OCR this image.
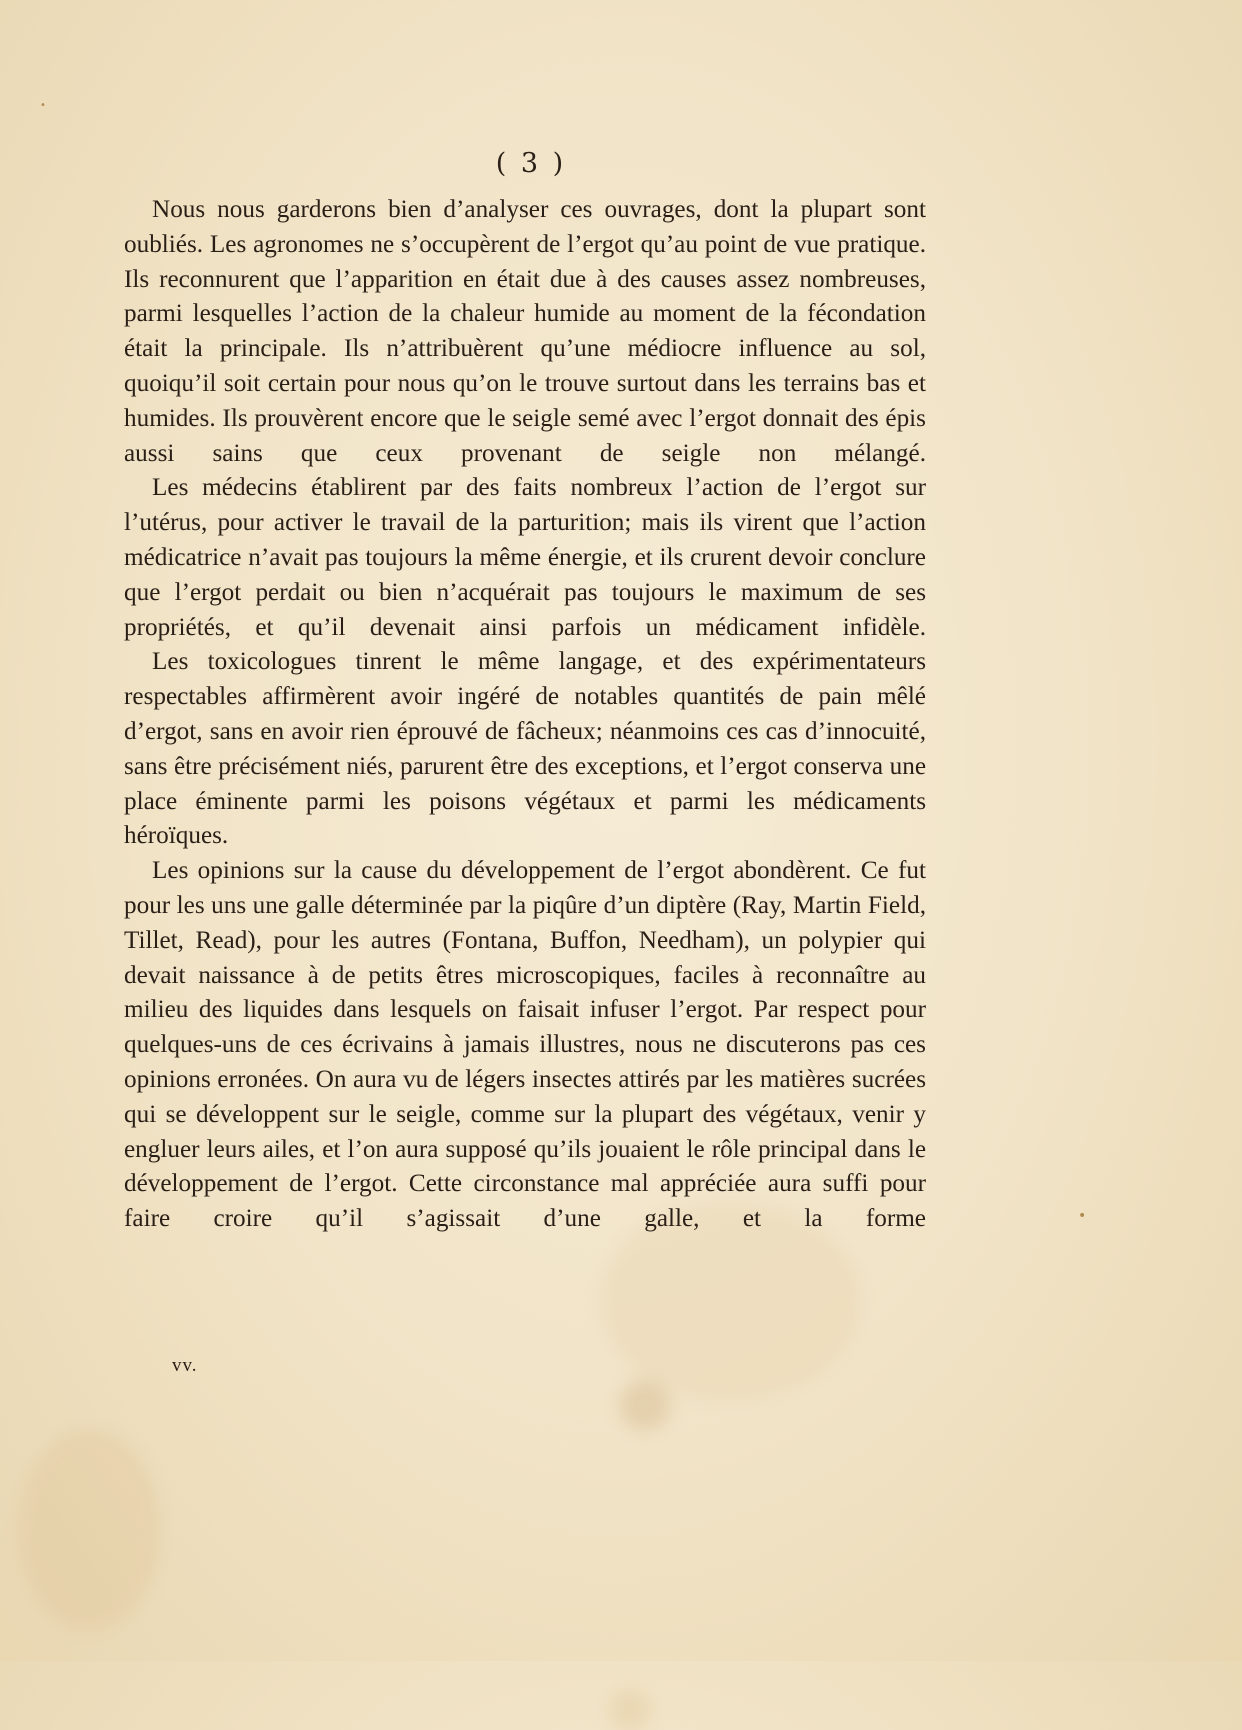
•
•
( 3 )

Nous nous garderons bien d’analyser ces ouvrages, dont la plupart sont oubliés. Les agronomes ne s’occupèrent de l’ergot qu’au point de vue pratique. Ils reconnurent que l’apparition en était due à des causes assez nombreuses, parmi lesquelles l’action de la chaleur humide au moment de la fécondation était la principale. Ils n’attribuèrent qu’une médiocre influence au sol, quoiqu’il soit certain pour nous qu’on le trouve surtout dans les terrains bas et humides. Ils prouvèrent encore que le seigle semé avec l’ergot donnait des épis aussi sains que ceux provenant de seigle non mélangé.

Les médecins établirent par des faits nombreux l’action de l’ergot sur l’utérus, pour activer le travail de la parturition; mais ils virent que l’action médicatrice n’avait pas toujours la même énergie, et ils crurent devoir conclure que l’ergot perdait ou bien n’acquérait pas toujours le maximum de ses propriétés, et qu’il devenait ainsi parfois un médicament infidèle.

Les toxicologues tinrent le même langage, et des expérimentateurs respectables affirmèrent avoir ingéré de notables quantités de pain mêlé d’ergot, sans en avoir rien éprouvé de fâcheux; néanmoins ces cas d’innocuité, sans être précisément niés, parurent être des exceptions, et l’ergot conserva une place éminente parmi les poisons végétaux et parmi les médicaments héroïques.

Les opinions sur la cause du développement de l’ergot abondèrent. Ce fut pour les uns une galle déterminée par la piqûre d’un diptère (Ray, Martin Field, Tillet, Read), pour les autres (Fontana, Buffon, Needham), un polypier qui devait naissance à de petits êtres microscopiques, faciles à reconnaître au milieu des liquides dans lesquels on faisait infuser l’ergot. Par respect pour quelques-uns de ces écrivains à jamais illustres, nous ne discuterons pas ces opinions erronées. On aura vu de légers insectes attirés par les matières sucrées qui se développent sur le seigle, comme sur la plupart des végétaux, venir y engluer leurs ailes, et l’on aura supposé qu’ils jouaient le rôle principal dans le développement de l’ergot. Cette circonstance mal appréciée aura suffi pour faire croire qu’il s’agissait d’une galle, et la forme

vv.
